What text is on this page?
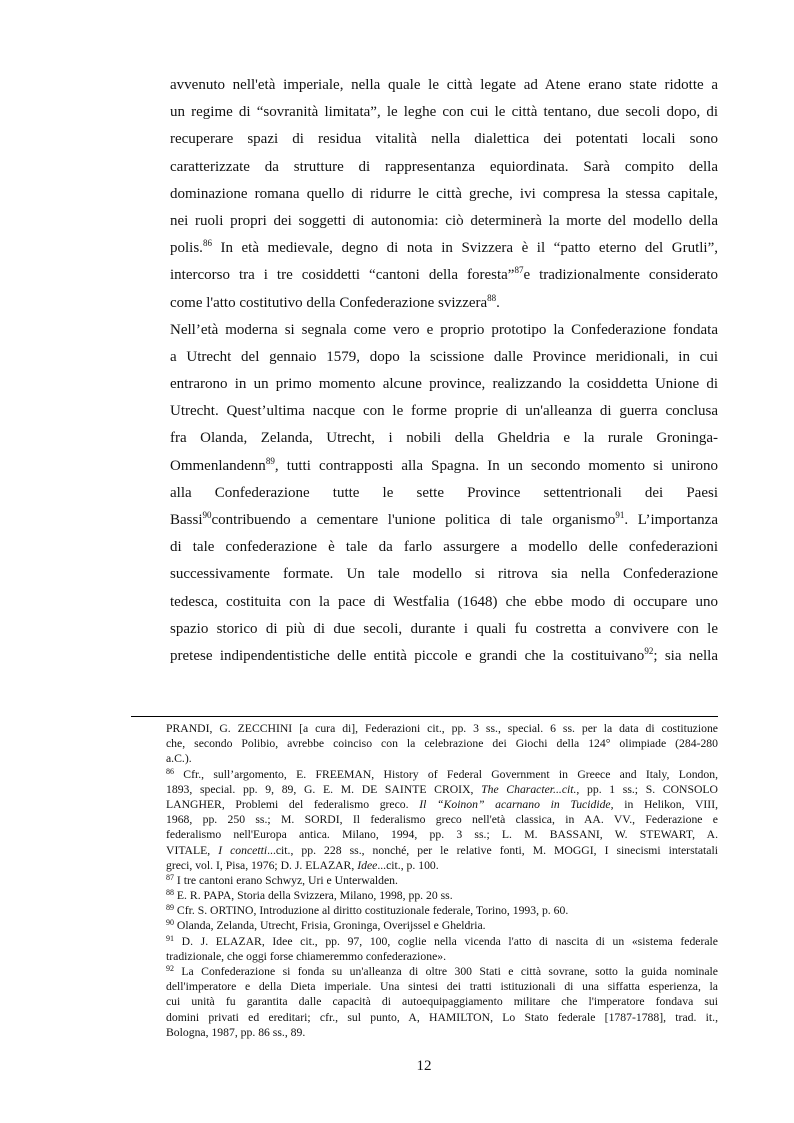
avvenuto nell'età imperiale, nella quale le città legate ad Atene erano state ridotte a
un regime di “sovranità limitata”, le leghe con cui le città tentano, due secoli dopo, di
recuperare spazi di residua vitalità nella dialettica dei potentati locali sono
caratterizzate da strutture di rappresentanza equiordinata. Sarà compito della
dominazione romana quello di ridurre le città greche, ivi compresa la stessa capitale,
nei ruoli propri dei soggetti di autonomia: ciò determinerà la morte del modello della
polis.$^{86}$ In età medievale, degno di nota in Svizzera è il “patto eterno del Grutli”,
intercorso tra i tre cosiddetti “cantoni della foresta”$^{87}$e tradizionalmente considerato
come l'atto costitutivo della Confederazione svizzera$^{88}$.
Nell’età moderna si segnala come vero e proprio prototipo la Confederazione fondata
a Utrecht del gennaio 1579, dopo la scissione dalle Province meridionali, in cui
entrarono in un primo momento alcune province, realizzando la cosiddetta Unione di
Utrecht. Quest’ultima nacque con le forme proprie di un'alleanza di guerra conclusa
fra Olanda, Zelanda, Utrecht, i nobili della Gheldria e la rurale Groninga-
Ommenlandenn$^{89}$, tutti contrapposti alla Spagna. In un secondo momento si unirono
alla Confederazione tutte le sette Province settentrionali dei Paesi
Bassi$^{90}$contribuendo a cementare l'unione politica di tale organismo$^{91}$. L’importanza
di tale confederazione è tale da farlo assurgere a modello delle confederazioni
successivamente formate. Un tale modello si ritrova sia nella Confederazione
tedesca, costituita con la pace di Westfalia (1648) che ebbe modo di occupare uno
spazio storico di più di due secoli, durante i quali fu costretta a convivere con le
pretese indipendentistiche delle entità piccole e grandi che la costituivano$^{92}$; sia nella
PRANDI, G. ZECCHINI [a cura di], Federazioni cit., pp. 3 ss., special. 6 ss. per la data di costituzione
che, secondo Polibio, avrebbe coinciso con la celebrazione dei Giochi della 124° olimpiade (284-280
a.C.).
$^{86}$ Cfr., sull’argomento, E. FREEMAN, History of Federal Government in Greece and Italy, London,
1893, special. pp. 9, 89, G. E. M. DE SAINTE CROIX, The Character...cit., pp. 1 ss.; S. CONSOLO
LANGHER, Problemi del federalismo greco. Il “Koinon” acarnano in Tucidide, in Helikon, VIII,
1968, pp. 250 ss.; M. SORDI, Il federalismo greco nell'età classica, in AA. VV., Federazione e
federalismo nell'Europa antica. Milano, 1994, pp. 3 ss.; L. M. BASSANI, W. STEWART, A.
VITALE, I concetti...cit., pp. 228 ss., nonché, per le relative fonti, M. MOGGI, I sinecismi interstatali
greci, vol. I, Pisa, 1976; D. J. ELAZAR, Idee...cit., p. 100.
$^{87}$ I tre cantoni erano Schwyz, Uri e Unterwalden.
$^{88}$ E. R. PAPA, Storia della Svizzera, Milano, 1998, pp. 20 ss.
$^{89}$ Cfr. S. ORTINO, Introduzione al diritto costituzionale federale, Torino, 1993, p. 60.
$^{90}$ Olanda, Zelanda, Utrecht, Frisia, Groninga, Overijssel e Gheldria.
$^{91}$ D. J. ELAZAR, Idee cit., pp. 97, 100, coglie nella vicenda l'atto di nascita di un «sistema federale
tradizionale, che oggi forse chiameremmo confederazione».
$^{92}$ La Confederazione si fonda su un'alleanza di oltre 300 Stati e città sovrane, sotto la guida nominale
dell'imperatore e della Dieta imperiale. Una sintesi dei tratti istituzionali di una siffatta esperienza, la
cui unità fu garantita dalle capacità di autoequipaggiamento militare che l'imperatore fondava sui
domini privati ed ereditari; cfr., sul punto, A, HAMILTON, Lo Stato federale [1787-1788], trad. it.,
Bologna, 1987, pp. 86 ss., 89.
12
